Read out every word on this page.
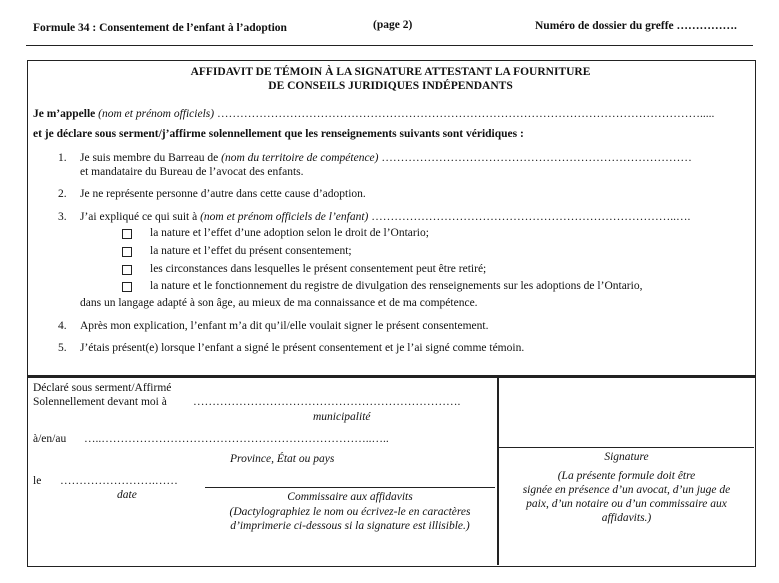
Formule 34 : Consentement de l’enfant à l’adoption	(page 2)	Numéro de dossier du greffe …………….
AFFIDAVIT DE TÉMOIN À LA SIGNATURE ATTESTANT LA FOURNITURE
DE CONSEILS JURIDIQUES INDÉPENDANTS
Je m’appelle (nom et prénom officiels) ……………………………………………………………………………………………………………….....
et je déclare sous serment/j’affirme solennellement que les renseignements suivants sont véridiques :
1. Je suis membre du Barreau de (nom du territoire de compétence) ………………………………………………………………………
et mandataire du Bureau de l’avocat des enfants.
2. Je ne représente personne d’autre dans cette cause d’adoption.
3. J’ai expliqué ce qui suit à (nom et prénom officiels de l’enfant) ……………………………………………………………………..….
la nature et l’effet d’une adoption selon le droit de l’Ontario;
la nature et l’effet du présent consentement;
les circonstances dans lesquelles le présent consentement peut être retiré;
la nature et le fonctionnement du registre de divulgation des renseignements sur les adoptions de l’Ontario,
dans un langage adapté à son âge, au mieux de ma connaissance et de ma compétence.
4. Après mon explication, l’enfant m’a dit qu’il/elle voulait signer le présent consentement.
5. J’étais présent(e) lorsque l’enfant a signé le présent consentement et je l’ai signé comme témoin.
Déclaré sous serment/Affirmé
Solennellement devant moi à …………………………………………………………….
municipalité
à/en/au …..……………………………………………………………..…..
Province, État ou pays
le …………………….……
date	Commissaire aux affidavits
(Dactylographiez le nom ou écrivez-le en caractères
d’imprimerie ci-dessous si la signature est illisible.)
Signature
(La présente formule doit être
signée en présence d’un avocat, d’un juge de
paix, d’un notaire ou d’un commissaire aux
affidavits.)
